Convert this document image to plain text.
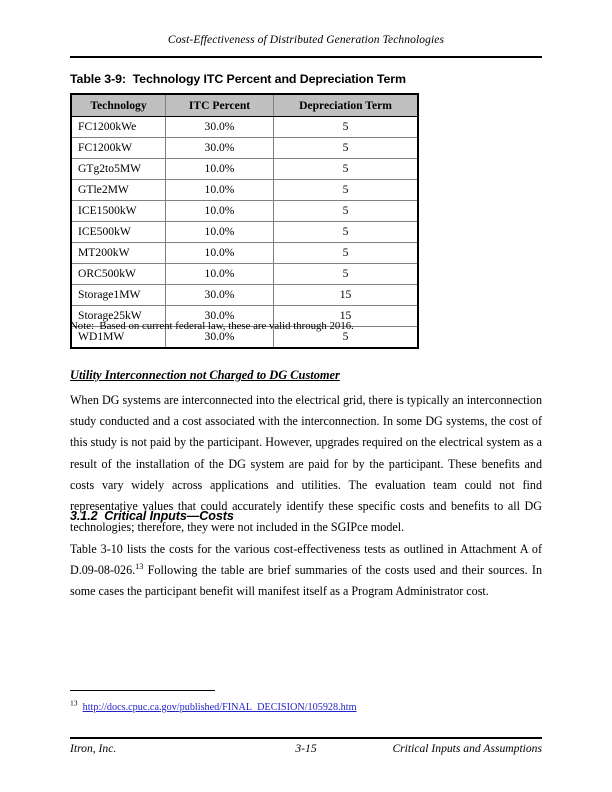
Cost-Effectiveness of Distributed Generation Technologies
Table 3-9:  Technology ITC Percent and Depreciation Term
Technology	ITC Percent	Depreciation Term
FC1200kWe	30.0%	5
FC1200kW	30.0%	5
GTg2to5MW	10.0%	5
GTle2MW	10.0%	5
ICE1500kW	10.0%	5
ICE500kW	10.0%	5
MT200kW	10.0%	5
ORC500kW	10.0%	5
Storage1MW	30.0%	15
Storage25kW	30.0%	15
WD1MW	30.0%	5
Note:  Based on current federal law, these are valid through 2016.
Utility Interconnection not Charged to DG Customer
When DG systems are interconnected into the electrical grid, there is typically an interconnection study conducted and a cost associated with the interconnection. In some DG systems, the cost of this study is not paid by the participant. However, upgrades required on the electrical system as a result of the installation of the DG system are paid for by the participant. These benefits and costs vary widely across applications and utilities. The evaluation team could not find representative values that could accurately identify these specific costs and benefits to all DG technologies; therefore, they were not included in the SGIPce model.
3.1.2  Critical Inputs—Costs
Table 3-10 lists the costs for the various cost-effectiveness tests as outlined in Attachment A of D.09-08-026.13 Following the table are brief summaries of the costs used and their sources. In some cases the participant benefit will manifest itself as a Program Administrator cost.
$^{13}$ http://docs.cpuc.ca.gov/published/FINAL_DECISION/105928.htm
Itron, Inc.	3-15	Critical Inputs and Assumptions
